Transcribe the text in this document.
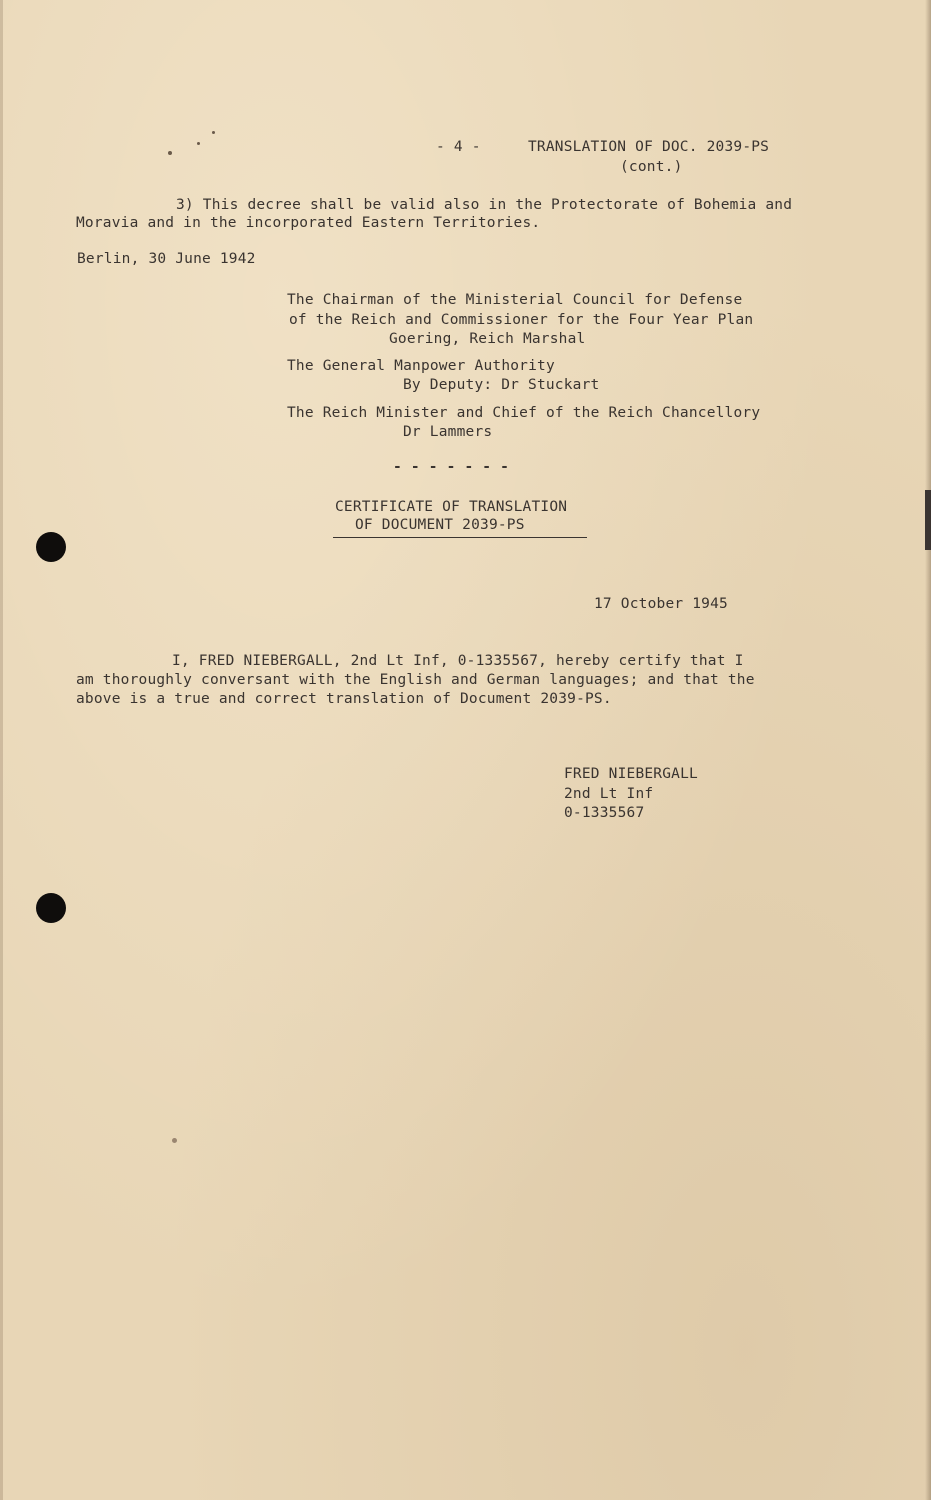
- 4 -	TRANSLATION OF DOC. 2039-PS
(cont.)
3) This decree shall be valid also in the Protectorate of Bohemia and
Moravia and in the incorporated Eastern Territories.
Berlin, 30 June 1942
The Chairman of the Ministerial Council for Defense
of the Reich and Commissioner for the Four Year Plan
Goering, Reich Marshal
The General Manpower Authority
By Deputy: Dr Stuckart
The Reich Minister and Chief of the Reich Chancellory
Dr Lammers
- - - - - - -
CERTIFICATE OF TRANSLATION
OF DOCUMENT 2039-PS
17 October 1945
I, FRED NIEBERGALL, 2nd Lt Inf, 0-1335567, hereby certify that I
am thoroughly conversant with the English and German languages; and that the
above is a true and correct translation of Document 2039-PS.
FRED NIEBERGALL
2nd Lt Inf
0-1335567
